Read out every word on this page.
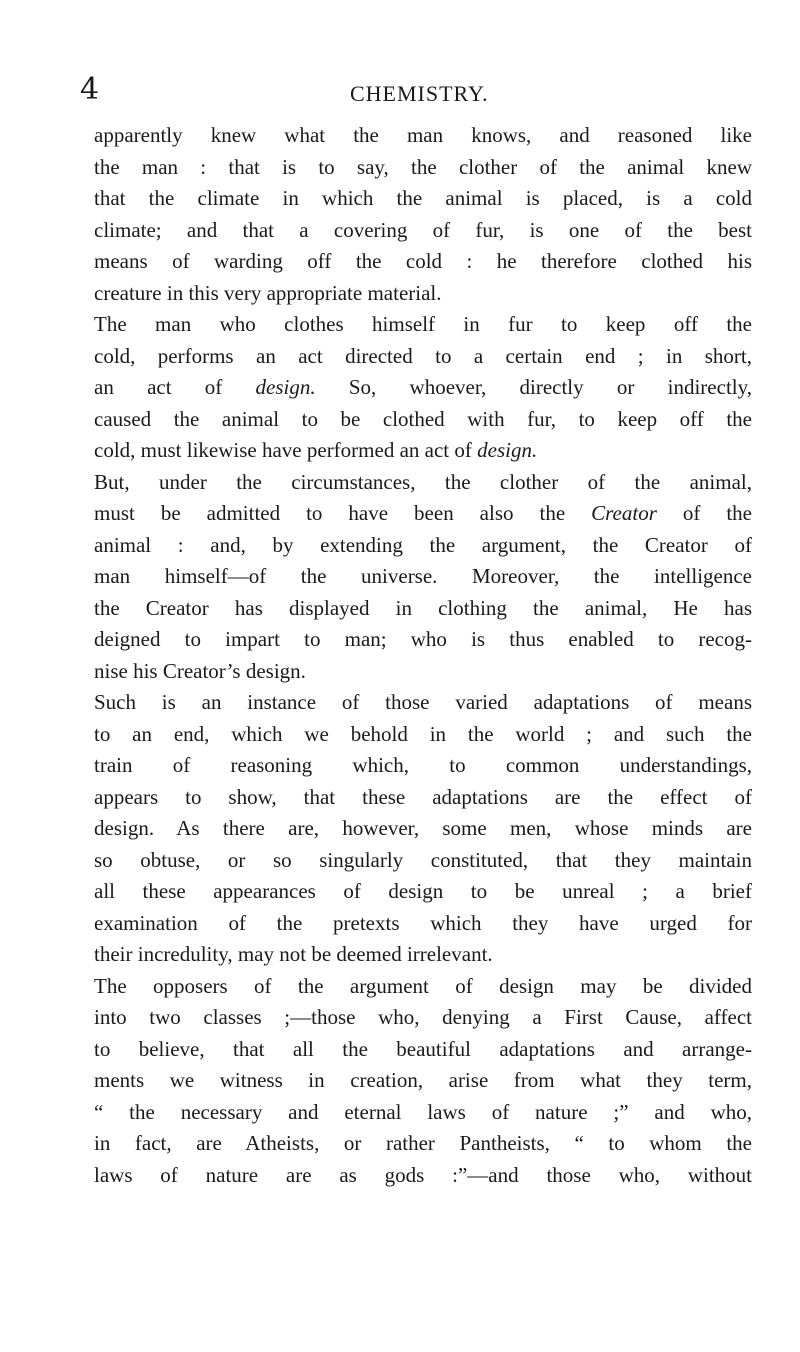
4	CHEMISTRY.
apparently knew what the man knows, and reasoned like
the man : that is to say, the clother of the animal knew
that the climate in which the animal is placed, is a cold
climate; and that a covering of fur, is one of the best
means of warding off the cold : he therefore clothed his
creature in this very appropriate material.
The man who clothes himself in fur to keep off the
cold, performs an act directed to a certain end ; in short,
an act of design. So, whoever, directly or indirectly,
caused the animal to be clothed with fur, to keep off the
cold, must likewise have performed an act of design.
But, under the circumstances, the clother of the animal,
must be admitted to have been also the Creator of the
animal : and, by extending the argument, the Creator of
man himself—of the universe. Moreover, the intelligence
the Creator has displayed in clothing the animal, He has
deigned to impart to man; who is thus enabled to recog-
nise his Creator’s design.
Such is an instance of those varied adaptations of means
to an end, which we behold in the world ; and such the
train of reasoning which, to common understandings,
appears to show, that these adaptations are the effect of
design. As there are, however, some men, whose minds are
so obtuse, or so singularly constituted, that they maintain
all these appearances of design to be unreal ; a brief
examination of the pretexts which they have urged for
their incredulity, may not be deemed irrelevant.
The opposers of the argument of design may be divided
into two classes ;—those who, denying a First Cause, affect
to believe, that all the beautiful adaptations and arrange-
ments we witness in creation, arise from what they term,
“ the necessary and eternal laws of nature ;” and who,
in fact, are Atheists, or rather Pantheists, “ to whom the
laws of nature are as gods :”—and those who, without
